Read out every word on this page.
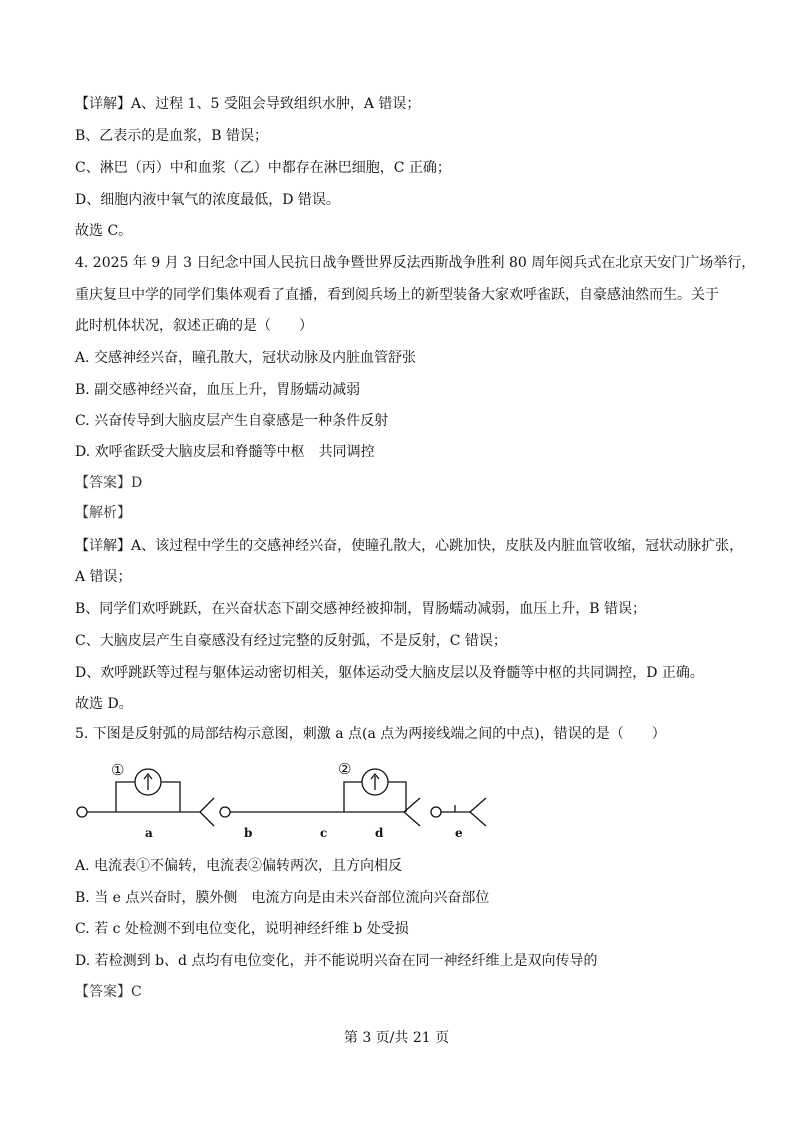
【详解】A、过程 1、5 受阻会导致组织水肿，A 错误；
B、乙表示的是血浆，B 错误；
C、淋巴（丙）中和血浆（乙）中都存在淋巴细胞，C 正确；
D、细胞内液中氧气的浓度最低，D 错误。
故选 C。
4. 2025 年 9 月 3 日纪念中国人民抗日战争暨世界反法西斯战争胜利 80 周年阅兵式在北京天安门广场举行，
重庆复旦中学的同学们集体观看了直播，看到阅兵场上的新型装备大家欢呼雀跃，自豪感油然而生。关于
此时机体状况，叙述正确的是（　　）
A. 交感神经兴奋，瞳孔散大，冠状动脉及内脏血管舒张
B. 副交感神经兴奋，血压上升，胃肠蠕动减弱
C. 兴奋传导到大脑皮层产生自豪感是一种条件反射
D. 欢呼雀跃受大脑皮层和脊髓等中枢　共同调控
【答案】D
【解析】
【详解】A、该过程中学生的交感神经兴奋，使瞳孔散大，心跳加快，皮肤及内脏血管收缩，冠状动脉扩张，
A 错误；
B、同学们欢呼跳跃，在兴奋状态下副交感神经被抑制，胃肠蠕动减弱，血压上升，B 错误；
C、大脑皮层产生自豪感没有经过完整的反射弧，不是反射，C 错误；
D、欢呼跳跃等过程与躯体运动密切相关，躯体运动受大脑皮层以及脊髓等中枢的共同调控，D 正确。
故选 D。
5. 下图是反射弧的局部结构示意图，刺激 a 点(a 点为两接线端之间的中点)，错误的是（　　）
①	②
a	b	c	d	e
A. 电流表①不偏转，电流表②偏转两次，且方向相反
B. 当 e 点兴奋时，膜外侧　电流方向是由未兴奋部位流向兴奋部位
C. 若 c 处检测不到电位变化，说明神经纤维 b 处受损
D. 若检测到 b、d 点均有电位变化，并不能说明兴奋在同一神经纤维上是双向传导的
【答案】C
第 3 页/共 21 页
